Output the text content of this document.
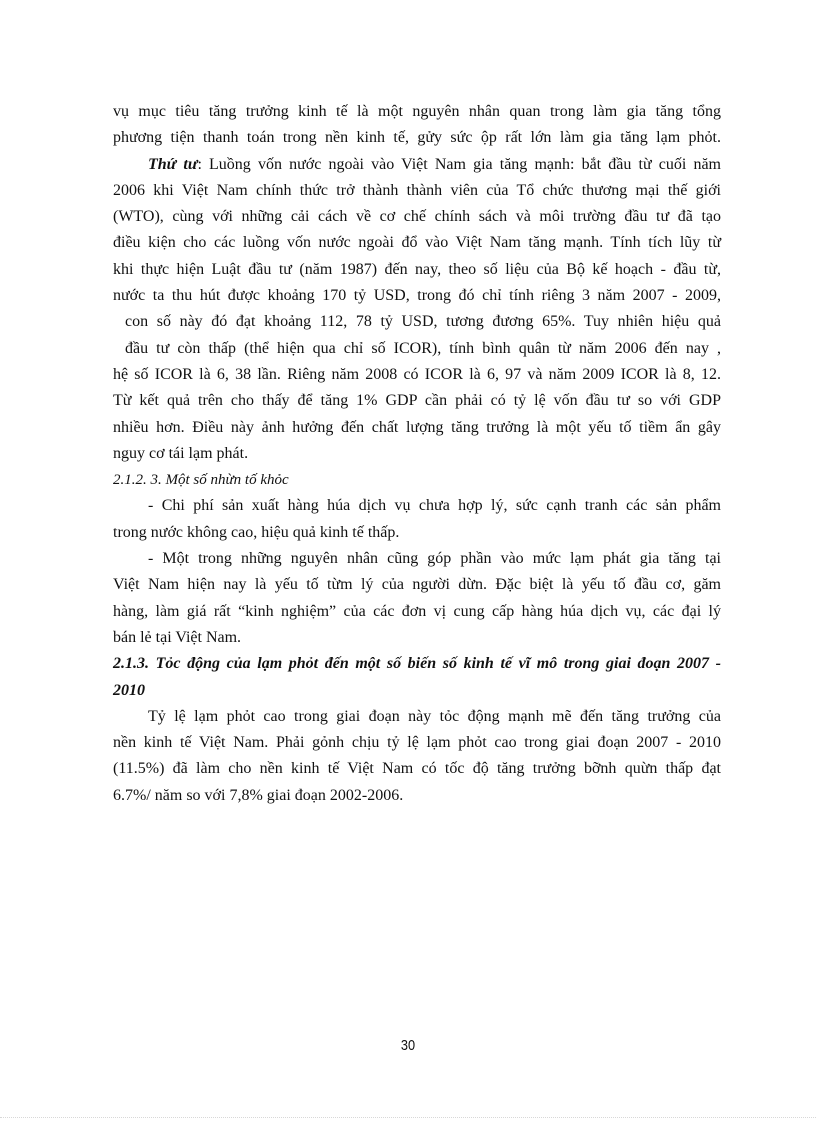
vụ mục tiêu tăng trưởng kinh tế là một nguyên nhân quan trong làm gia tăng tổng
phương tiện thanh toán trong nền kinh tế, gửy sức ộp rất lớn làm gia tăng lạm phỏt.
Thứ tư: Luồng vốn nước ngoài vào Việt Nam gia tăng mạnh: bắt đầu từ cuối năm
2006 khi Việt Nam chính thức trở thành thành viên của Tổ chức thương mại thế giới
(WTO), cùng với những cải cách về cơ chế chính sách và môi trường đầu tư đã tạo
điều kiện cho các luồng vốn nước ngoài đổ vào Việt Nam tăng mạnh. Tính tích lũy từ
khi thực hiện Luật đầu tư (năm 1987) đến nay, theo số liệu của Bộ kế hoạch - đầu từ,
nước ta thu hút được khoảng 170 tỷ USD, trong đó chỉ tính riêng 3 năm 2007 - 2009,
con số này đó đạt khoảng 112, 78 tỷ USD, tương đương 65%. Tuy nhiên hiệu quả
đầu tư còn thấp (thể hiện qua chỉ số ICOR), tính bình quân từ năm 2006 đến nay ,
hệ số ICOR là 6, 38 lần. Riêng năm 2008 có ICOR là 6, 97 và năm 2009 ICOR là 8, 12.
Từ kết quả trên cho thấy để tăng 1% GDP cần phải có tỷ lệ vốn đầu tư so với GDP
nhiều hơn. Điều này ảnh hưởng đến chất lượng tăng trưởng là một yếu tố tiềm ẩn gây
nguy cơ tái lạm phát.
2.1.2. 3. Một số nhừn tố khỏc
- Chi phí sản xuất hàng húa dịch vụ chưa hợp lý, sức cạnh tranh các sản phẩm
trong nước không cao, hiệu quả kinh tế thấp.
- Một trong những nguyên nhân cũng góp phần vào mức lạm phát gia tăng tại
Việt Nam hiện nay là yếu tố từm lý của người dừn. Đặc biệt là yếu tố đầu cơ, găm
hàng, làm giá rất “kinh nghiệm” của các đơn vị cung cấp hàng húa dịch vụ, các đại lý
bán lẻ tại Việt Nam.
2.1.3. Tỏc động của lạm phỏt đến một số biến số kinh tế vĩ mô trong giai đoạn 2007 -
2010
Tỷ lệ lạm phỏt cao trong giai đoạn này tỏc động mạnh mẽ đến tăng trưởng của
nền kinh tế Việt Nam. Phải gỏnh chịu tỷ lệ lạm phỏt cao trong giai đoạn 2007 - 2010
(11.5%) đã làm cho nền kinh tế Việt Nam có tốc độ tăng trưởng bỡnh quừn thấp đạt
6.7%/ năm so với 7,8% giai đoạn 2002-2006.
30
